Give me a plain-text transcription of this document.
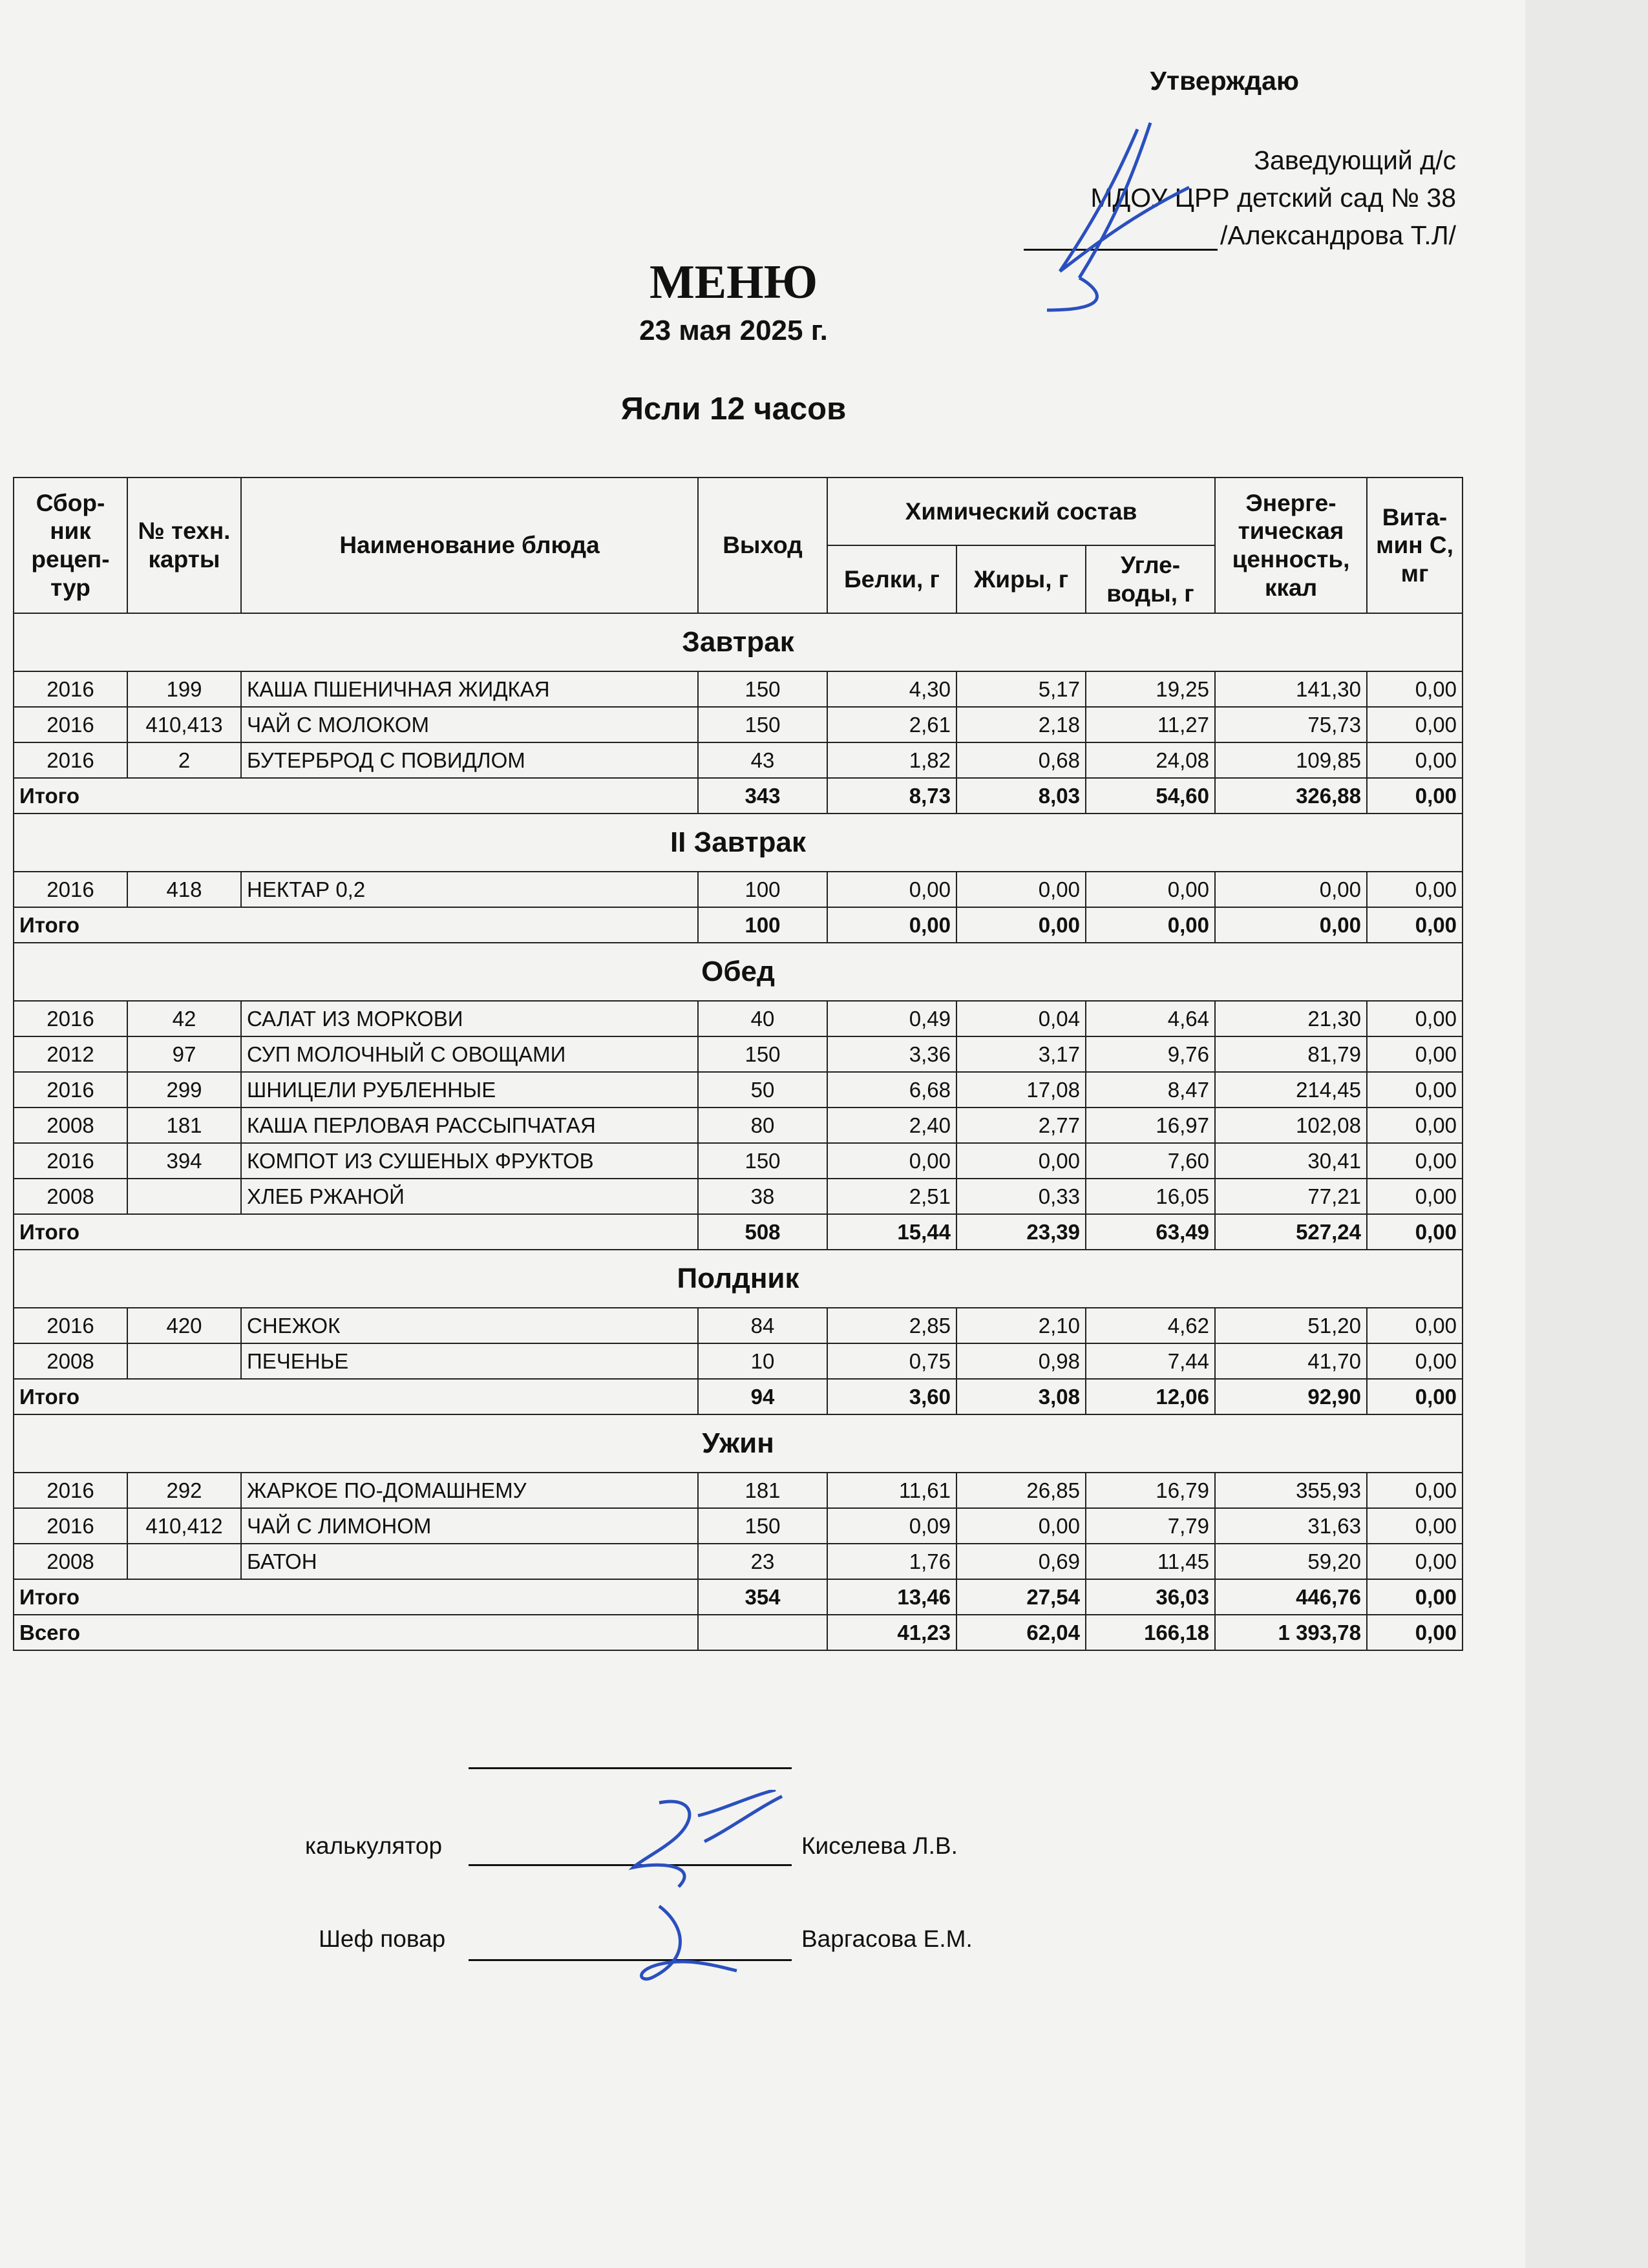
Утверждаю
Заведующий д/с
МДОУ ЦРР детский сад № 38
/Александрова Т.Л/
МЕНЮ
23 мая 2025 г.
Ясли 12 часов
Сбор-ник рецеп-тур	№ техн. карты	Наименование блюда	Выход	Химический состав			Энерге-тическая ценность, ккал	Вита-мин С, мг
				Белки, г	Жиры, г	Угле-воды, г		
Завтрак								
2016	199	КАША ПШЕНИЧНАЯ ЖИДКАЯ	150	4,30	5,17	19,25	141,30	0,00
2016	410,413	ЧАЙ С МОЛОКОМ	150	2,61	2,18	11,27	75,73	0,00
2016	2	БУТЕРБРОД С ПОВИДЛОМ	43	1,82	0,68	24,08	109,85	0,00
Итого			343	8,73	8,03	54,60	326,88	0,00
II Завтрак								
2016	418	НЕКТАР 0,2	100	0,00	0,00	0,00	0,00	0,00
Итого			100	0,00	0,00	0,00	0,00	0,00
Обед								
2016	42	САЛАТ ИЗ МОРКОВИ	40	0,49	0,04	4,64	21,30	0,00
2012	97	СУП МОЛОЧНЫЙ С ОВОЩАМИ	150	3,36	3,17	9,76	81,79	0,00
2016	299	ШНИЦЕЛИ РУБЛЕННЫЕ	50	6,68	17,08	8,47	214,45	0,00
2008	181	КАША ПЕРЛОВАЯ РАССЫПЧАТАЯ	80	2,40	2,77	16,97	102,08	0,00
2016	394	КОМПОТ ИЗ СУШЕНЫХ ФРУКТОВ	150	0,00	0,00	7,60	30,41	0,00
2008		ХЛЕБ РЖАНОЙ	38	2,51	0,33	16,05	77,21	0,00
Итого			508	15,44	23,39	63,49	527,24	0,00
Полдник								
2016	420	СНЕЖОК	84	2,85	2,10	4,62	51,20	0,00
2008		ПЕЧЕНЬЕ	10	0,75	0,98	7,44	41,70	0,00
Итого			94	3,60	3,08	12,06	92,90	0,00
Ужин								
2016	292	ЖАРКОЕ ПО-ДОМАШНЕМУ	181	11,61	26,85	16,79	355,93	0,00
2016	410,412	ЧАЙ С ЛИМОНОМ	150	0,09	0,00	7,79	31,63	0,00
2008		БАТОН	23	1,76	0,69	11,45	59,20	0,00
Итого			354	13,46	27,54	36,03	446,76	0,00
Всего				41,23	62,04	166,18	1 393,78	0,00
калькулятор	Киселева Л.В.
Шеф повар	Варгасова Е.М.
